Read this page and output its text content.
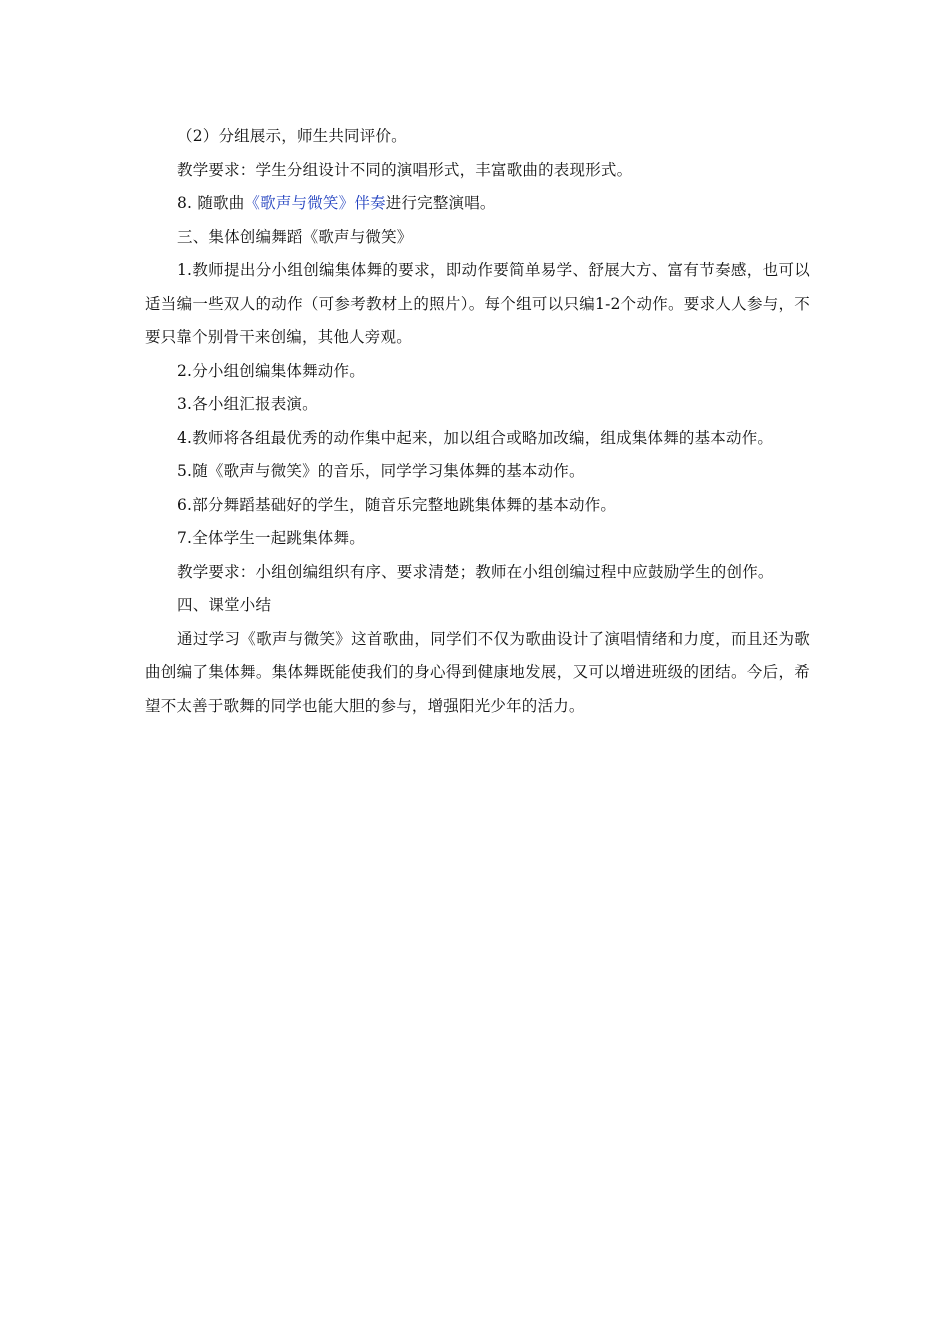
（2）分组展示，师生共同评价。

教学要求：学生分组设计不同的演唱形式，丰富歌曲的表现形式。

8. 随歌曲《歌声与微笑》伴奏进行完整演唱。

三、集体创编舞蹈《歌声与微笑》

1.教师提出分小组创编集体舞的要求，即动作要简单易学、舒展大方、富有节奏感，也可以适当编一些双人的动作（可参考教材上的照片）。每个组可以只编1-2个动作。要求人人参与，不要只靠个别骨干来创编，其他人旁观。

2.分小组创编集体舞动作。

3.各小组汇报表演。

4.教师将各组最优秀的动作集中起来，加以组合或略加改编，组成集体舞的基本动作。

5.随《歌声与微笑》的音乐，同学学习集体舞的基本动作。

6.部分舞蹈基础好的学生，随音乐完整地跳集体舞的基本动作。

7.全体学生一起跳集体舞。

教学要求：小组创编组织有序、要求清楚；教师在小组创编过程中应鼓励学生的创作。

四、课堂小结

通过学习《歌声与微笑》这首歌曲，同学们不仅为歌曲设计了演唱情绪和力度，而且还为歌曲创编了集体舞。集体舞既能使我们的身心得到健康地发展，又可以增进班级的团结。今后，希望不太善于歌舞的同学也能大胆的参与，增强阳光少年的活力。
